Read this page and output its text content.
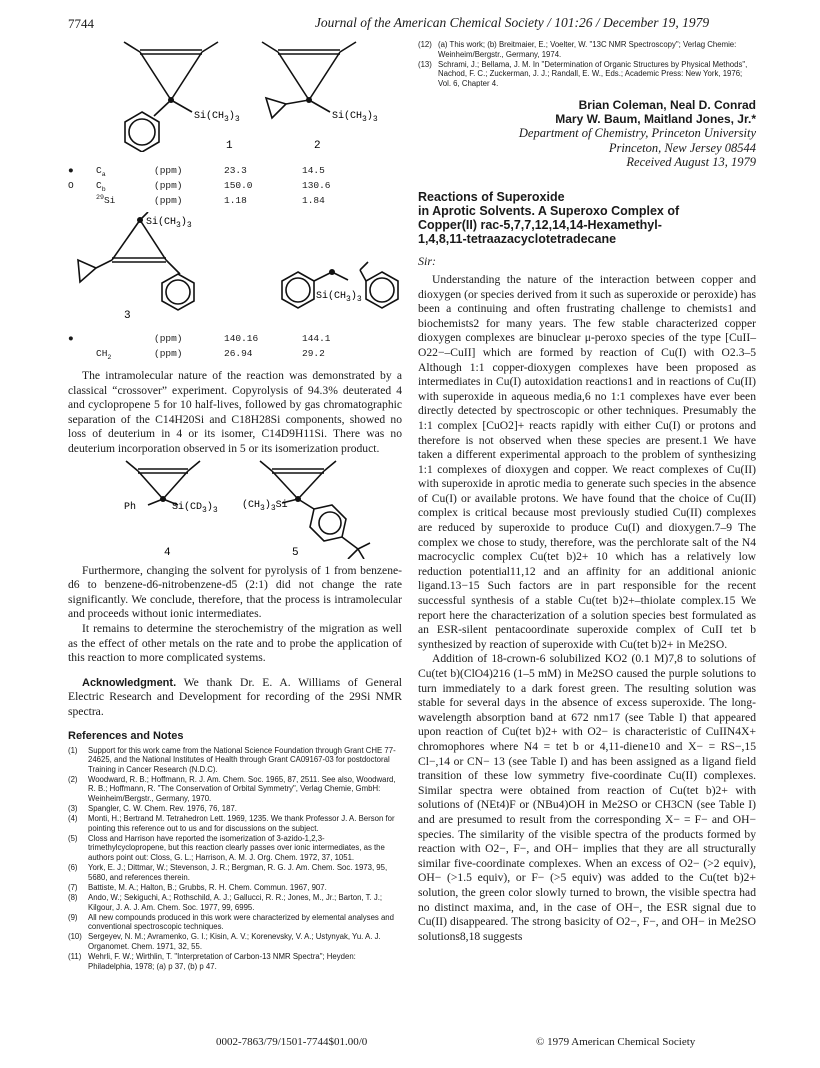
7744	Journal of the American Chemical Society / 101:26 / December 19, 1979
$Si(CH_3)_3$	$Si(CH_3)_3$
1	2
●	$C_a$	(ppm)	23.3	14.5
O	$C_b$	(ppm)	150.0	130.6
	$^{29}$Si	(ppm)	1.18	1.84
$Si(CH_3)_3$
$Si(CH_3)_3$
3
●		(ppm)	140.16	144.1
	$CH_2$	(ppm)	26.94	29.2

The intramolecular nature of the reaction was demonstrated by a classical “crossover” experiment. Copyrolysis of 94.3% deuterated 4 and cyclopropene 5 for 10 half-lives, followed by gas chromatographic separation of the C14H20Si and C18H28Si components, showed no loss of deuterium in 4 or its isomer, C14D9H11Si. There was no deuterium incorporation observed in 5 or its isomerization product.

Ph	$Si(CD_3)_3$ $(CH_3)_3Si$
4	5

Furthermore, changing the solvent for pyrolysis of 1 from benzene-d6 to benzene-d6-nitrobenzene-d5 (2:1) did not change the rate significantly. We conclude, therefore, that the process is intramolecular and proceeds without ionic intermediates.

It remains to determine the sterochemistry of the migration as well as the effect of other metals on the rate and to probe the application of this reaction to more complicated systems.

Acknowledgment. We thank Dr. E. A. Williams of General Electric Research and Development for recording of the 29Si NMR spectra.

References and Notes
(1) Support for this work came from the National Science Foundation through Grant CHE 77-24625, and the National Institutes of Health through Grant CA09167-03 for postdoctoral Training in Cancer Research (N.D.C).
(2) Woodward, R. B.; Hoffmann, R. J. Am. Chem. Soc. 1965, 87, 2511. See also, Woodward, R. B.; Hoffmann, R. "The Conservation of Orbital Symmetry", Verlag Chemie, GmbH: Weinheim/Bergstr., Germany, 1970.
(3) Spangler, C. W. Chem. Rev. 1976, 76, 187.
(4) Monti, H.; Bertrand M. Tetrahedron Lett. 1969, 1235. We thank Professor J. A. Berson for pointing this reference out to us and for discussions on the subject.
(5) Closs and Harrison have reported the isomerization of 3-azido-1,2,3-trimethylcyclopropene, but this reaction clearly passes over ionic intermediates, as the authors point out: Closs, G. L.; Harrison, A. M. J. Org. Chem. 1972, 37, 1051.
(6) York, E. J.; Dittmar, W.; Stevenson, J. R.; Bergman, R. G. J. Am. Chem. Soc. 1973, 95, 5680, and references therein.
(7) Battiste, M. A.; Halton, B.; Grubbs, R. H. Chem. Commun. 1967, 907.
(8) Ando, W.; Sekiguchi, A.; Rothschild, A. J.; Gallucci, R. R.; Jones, M., Jr.; Barton, T. J.; Kilgour, J. A. J. Am. Chem. Soc. 1977, 99, 6995.
(9) All new compounds produced in this work were characterized by elemental analyses and conventional spectroscopic techniques.
(10) Sergeyev, N. M.; Avramenko, G. I.; Kisin, A. V.; Korenevsky, V. A.; Ustynyak, Yu. A. J. Organomet. Chem. 1971, 32, 55.
(11) Wehrli, F. W.; Wirthlin, T. "Interpretation of Carbon-13 NMR Spectra"; Heyden: Philadelphia, 1978; (a) p 37, (b) p 47.
(12) (a) This work; (b) Breitmaier, E.; Voelter, W. "13C NMR Spectroscopy"; Verlag Chemie: Weinheim/Bergstr., Germany, 1974.
(13) Schrami, J.; Bellama, J. M. In "Determination of Organic Structures by Physical Methods", Nachod, F. C.; Zuckerman, J. J.; Randall, E. W., Eds.; Academic Press: New York, 1976; Vol. 6, Chapter 4.
Brian Coleman, Neal D. Conrad
Mary W. Baum, Maitland Jones, Jr.*
Department of Chemistry, Princeton University
Princeton, New Jersey 08544
Received August 13, 1979
Reactions of Superoxide
in Aprotic Solvents. A Superoxo Complex of
Copper(II) rac-5,7,7,12,14,14-Hexamethyl-
1,4,8,11-tetraazacyclotetradecane
Sir:

Understanding the nature of the interaction between copper and dioxygen (or species derived from it such as superoxide or peroxide) has been a continuing and often frustrating challenge to chemists1 and biochemists2 for many years. The few stable characterized copper dioxygen complexes are binuclear μ-peroxo species of the type [CuII–O22−–CuII] which are formed by reaction of Cu(I) with O2.3–5 Although 1:1 copper-dioxygen complexes have been proposed as intermediates in Cu(I) autoxidation reactions1 and in reactions of Cu(II) with superoxide in aqueous media,6 no 1:1 complexes have ever been directly detected by spectroscopic or other techniques. Presumably the 1:1 complex [CuO2]+ reacts rapidly with either Cu(I) or protons and therefore is not observed when these species are present.1 We have taken a different experimental approach to the problem of synthesizing 1:1 complexes of dioxygen and copper. We react complexes of Cu(II) with superoxide in aprotic media to generate such species in the absence of Cu(I) or available protons. We have found that the choice of Cu(II) complex is critical because most previously studied Cu(II) complexes are reduced by superoxide to produce Cu(I) and dioxygen.7–9 The complex we chose to study, therefore, was the perchlorate salt of the N4 macrocyclic complex Cu(tet b)2+ 10 which has a relatively low reduction potential11,12 and an affinity for an additional anionic ligand.13−15 Such factors are in part responsible for the recent successful synthesis of a stable Cu(tet b)2+–thiolate complex.15 We report here the characterization of a solution species best formulated as an ESR-silent pentacoordinate superoxide complex of CuII tet b synthesized by reaction of superoxide with Cu(tet b)2+ in Me2SO.

Addition of 18-crown-6 solubilized KO2 (0.1 M)7,8 to solutions of Cu(tet b)(ClO4)216 (1–5 mM) in Me2SO caused the purple solutions to turn immediately to a dark forest green. The resulting solution was stable for several days in the absence of excess superoxide. The long-wavelength absorption band at 672 nm17 (see Table I) that appeared upon reaction of Cu(tet b)2+ with O2− is characteristic of CuIIN4X+ chromophores where N4 = tet b or 4,11-diene10 and X− = RS−,15 Cl−,14 or CN− 13 (see Table I) and has been assigned as a ligand field transition of these low symmetry five-coordinate Cu(II) complexes. Similar spectra were obtained from reaction of Cu(tet b)2+ with solutions of (NEt4)F or (NBu4)OH in Me2SO or CH3CN (see Table I) and are presumed to result from the corresponding X− = F− and OH− species. The similarity of the visible spectra of the products formed by reaction with O2−, F−, and OH− implies that they are all structurally similar five-coordinate complexes. When an excess of O2− (>2 equiv), OH− (>1.5 equiv), or F− (>5 equiv) was added to the Cu(tet b)2+ solution, the green color slowly turned to brown, the visible spectra had no distinct maxima, and, in the case of OH−, the ESR signal due to Cu(II) disappeared. The strong basicity of O2−, F−, and OH− in Me2SO solutions8,18 suggests

0002-7863/79/1501-7744$01.00/0	© 1979 American Chemical Society
